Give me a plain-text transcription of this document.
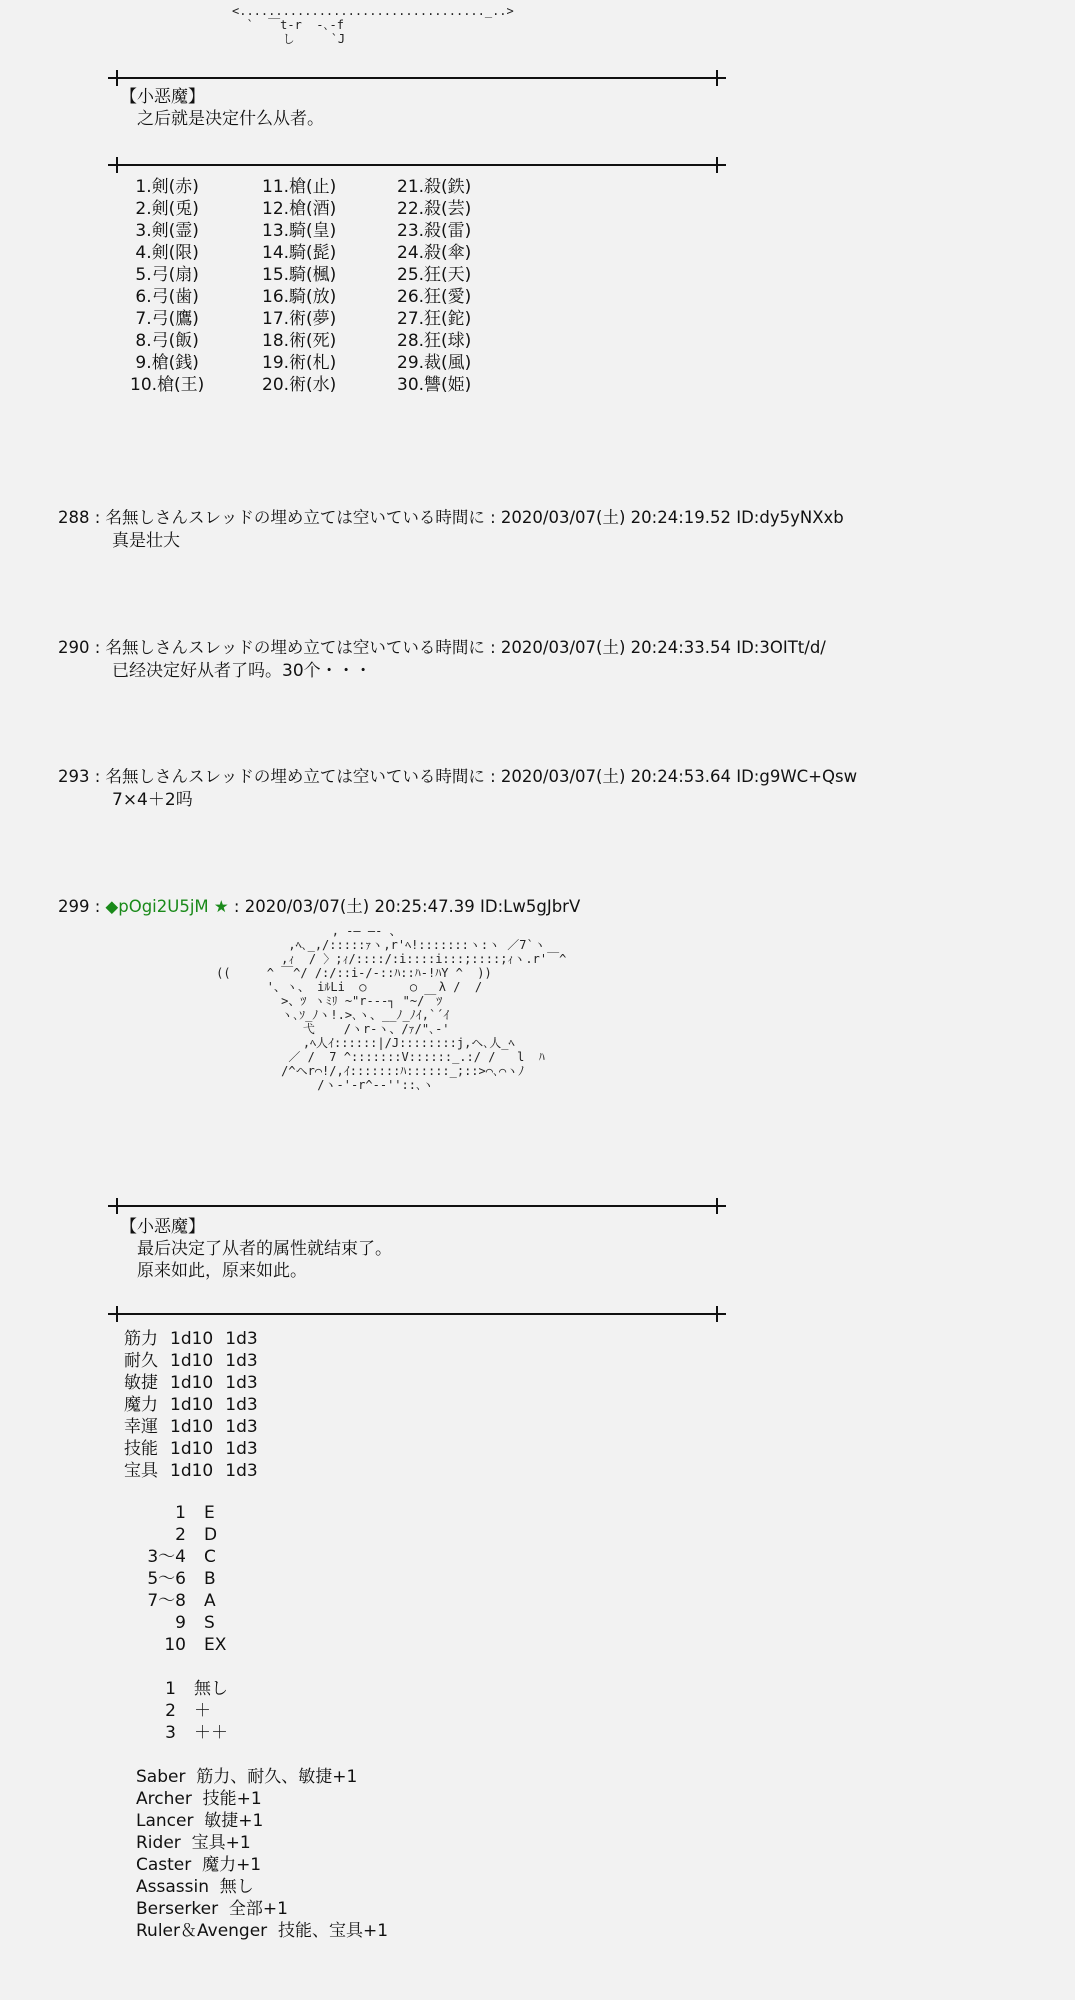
<.................................._..>
`  ￣t-r  -､-f
し     `J
【小恶魔】
之后就是决定什么从者。
1.剣(赤)	11.槍(止)	21.殺(鉄)
2.剣(兎)	12.槍(酒)	22.殺(芸)
3.剣(霊)	13.騎(皇)	23.殺(雷)
4.剣(限)	14.騎(髭)	24.殺(傘)
5.弓(扇)	15.騎(楓)	25.狂(天)
6.弓(歯)	16.騎(放)	26.狂(愛)
7.弓(鷹)	17.術(夢)	27.狂(鉈)
8.弓(飯)	18.術(死)	28.狂(球)
9.槍(銭)	19.術(札)	29.裁(風)
10.槍(王)	20.術(水)	30.讐(姫)
288 : 名無しさんスレッドの埋め立ては空いている時間に : 2020/03/07(土) 20:24:19.52 ID:dy5yNXxb
真是壮大
290 : 名無しさんスレッドの埋め立ては空いている時間に : 2020/03/07(土) 20:24:33.54 ID:3OITt/d/
已经决定好从者了吗。30个・・・
293 : 名無しさんスレッドの埋め立ては空いている時間に : 2020/03/07(土) 20:24:53.64 ID:g9WC+Qsw
7×4＋2吗
299 : ◆pOgi2U5jM ★ : 2020/03/07(土) 20:25:47.39 ID:Lw5gJbrV
, -― ―- 、
,ﾍ､_,/:::::ｧヽ,r'ﾍ!:::::::ヽ:ヽ ／7`ヽ
,ｨ  / 〉;ｨ/::::/:i::::i:::;::::;ｨヽ.r'￣^
((     ^ ￣^/ /:/::i-/-::ﾊ::ﾊ-!ﾊY ^  ))
'、ヽ、 iﾙLi  ○      ○   λ /  /
>、ﾂ ヽﾐﾘ ~"r---┐ "~/￣ﾂ
ヽ､ｿ_ﾉヽ!.>､ヽ、__ﾉ_ﾉｲ,`´ｲ
弋    /ヽr-ヽ、/ｧ/"､-'
,ﾍ人ｲ::::::|/J::::::::j,ヘ､人_ﾍ
／ /  7 ^:::::::V::::::_.:/ /   l  ﾊ
/^ヘr⌒!/,ｲ:::::::ﾊ::::::_;::>⌒､⌒ヽﾉ
/ヽ-'‐r^-‐''::､ヽ
【小恶魔】
最后决定了从者的属性就结束了。
原来如此，原来如此。
筋力	1d10	1d3
耐久	1d10	1d3
敏捷	1d10	1d3
魔力	1d10	1d3
幸運	1d10	1d3
技能	1d10	1d3
宝具	1d10	1d3
1	E
2	D
3～4	C
5～6	B
7～8	A
9	S
10	EX
1	無し
2	＋
3	＋＋
Saber  筋力、耐久、敏捷+1
Archer  技能+1
Lancer  敏捷+1
Rider  宝具+1
Caster  魔力+1
Assassin  無し
Berserker  全部+1
Ruler＆Avenger  技能、宝具+1
